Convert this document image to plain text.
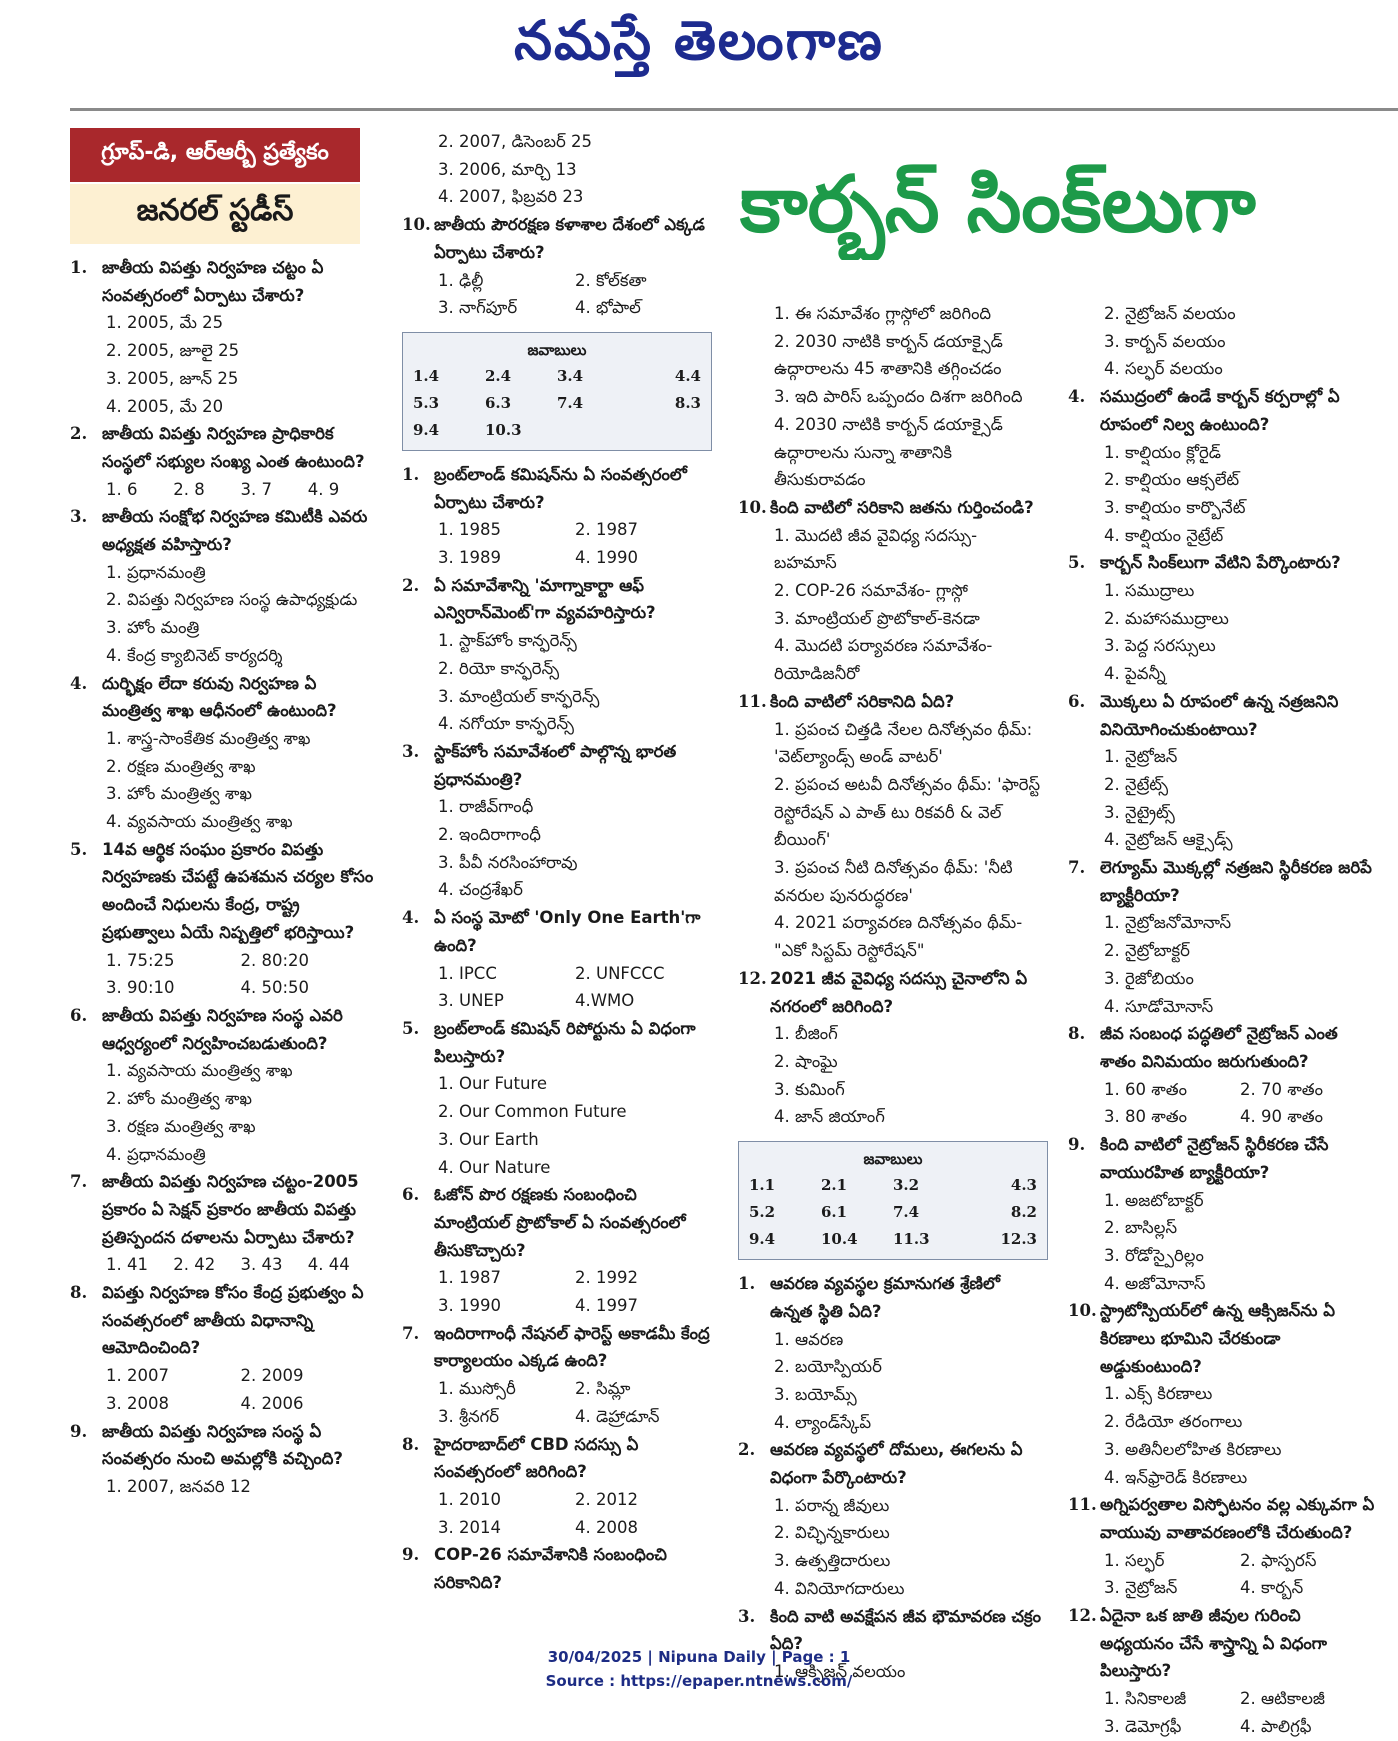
నమస్తే తెలంగాణ
గ్రూప్-డి, ఆర్ఆర్బీ ప్రత్యేకం
జనరల్ స్టడీస్	కార్బన్ సింక్‌లుగా
1. జాతీయ విపత్తు నిర్వహణ చట్టం ఏ సంవత్సరంలో ఏర్పాటు చేశారు?
1. 2005, మే 25
2. 2005, జూలై 25
3. 2005, జూన్ 25
4. 2005, మే 20
2. జాతీయ విపత్తు నిర్వహణ ప్రాధికారిక సంస్థలో సభ్యుల సంఖ్య ఎంత ఉంటుంది?
1. 6	2. 8	3. 7	4. 9
3. జాతీయ సంక్షోభ నిర్వహణ కమిటీకి ఎవరు అధ్యక్షత వహిస్తారు?
1. ప్రధానమంత్రి
2. విపత్తు నిర్వహణ సంస్థ ఉపాధ్యక్షుడు
3. హోం మంత్రి
4. కేంద్ర క్యాబినెట్ కార్యదర్శి
4. దుర్భిక్షం లేదా కరువు నిర్వహణ ఏ మంత్రిత్వ శాఖ ఆధీనంలో ఉంటుంది?
1. శాస్త్ర-సాంకేతిక మంత్రిత్వ శాఖ
2. రక్షణ మంత్రిత్వ శాఖ
3. హోం మంత్రిత్వ శాఖ
4. వ్యవసాయ మంత్రిత్వ శాఖ
5. 14వ ఆర్థిక సంఘం ప్రకారం విపత్తు నిర్వహణకు చేపట్టే ఉపశమన చర్యల కోసం అందించే నిధులను కేంద్ర, రాష్ట్ర ప్రభుత్వాలు ఏయే నిష్పత్తిలో భరిస్తాయి?
1. 75:25	2. 80:20
3. 90:10	4. 50:50
6. జాతీయ విపత్తు నిర్వహణ సంస్థ ఎవరి ఆధ్వర్యంలో నిర్వహించబడుతుంది?
1. వ్యవసాయ మంత్రిత్వ శాఖ
2. హోం మంత్రిత్వ శాఖ
3. రక్షణ మంత్రిత్వ శాఖ
4. ప్రధానమంత్రి
7. జాతీయ విపత్తు నిర్వహణ చట్టం-2005 ప్రకారం ఏ సెక్షన్ ప్రకారం జాతీయ విపత్తు ప్రతిస్పందన దళాలను ఏర్పాటు చేశారు?
1. 41	2. 42	3. 43	4. 44
8. విపత్తు నిర్వహణ కోసం కేంద్ర ప్రభుత్వం ఏ సంవత్సరంలో జాతీయ విధానాన్ని ఆమోదించింది?
1. 2007	2. 2009
3. 2008	4. 2006
9. జాతీయ విపత్తు నిర్వహణ సంస్థ ఏ సంవత్సరం నుంచి అమల్లోకి వచ్చింది?
1. 2007, జనవరి 12
2. 2007, డిసెంబర్ 25
3. 2006, మార్చి 13
4. 2007, ఫిబ్రవరి 23
10. జాతీయ పౌరరక్షణ కళాశాల దేశంలో ఎక్కడ ఏర్పాటు చేశారు?
1. ఢిల్లీ	2. కోల్‌కతా
3. నాగ్‌పూర్	4. భోపాల్
జవాబులు
1.4	2.4	3.4	4.4
5.3	6.3	7.4	8.3
9.4	10.3
1. బ్రంట్‌లాండ్ కమిషన్‌ను ఏ సంవత్సరంలో ఏర్పాటు చేశారు?
1. 1985	2. 1987
3. 1989	4. 1990
2. ఏ సమావేశాన్ని 'మాగ్నాకార్టా ఆఫ్ ఎన్విరాన్‌మెంట్'గా వ్యవహరిస్తారు?
1. స్టాక్‌హోం కాన్ఫరెన్స్
2. రియో కాన్ఫరెన్స్
3. మాంట్రియల్ కాన్ఫరెన్స్
4. నగోయా కాన్ఫరెన్స్
3. స్టాక్‌హోం సమావేశంలో పాల్గొన్న భారత ప్రధానమంత్రి?
1. రాజీవ్‌గాంధీ
2. ఇందిరాగాంధీ
3. పీవీ నరసింహారావు
4. చంద్రశేఖర్
4. ఏ సంస్థ మోటో 'Only One Earth'గా ఉంది?
1. IPCC	2. UNFCCC
3. UNEP	4.WMO
5. బ్రంట్‌లాండ్ కమిషన్ రిపోర్టును ఏ విధంగా పిలుస్తారు?
1. Our Future
2. Our Common Future
3. Our Earth
4. Our Nature
6. ఓజోన్ పొర రక్షణకు సంబంధించి మాంట్రియల్ ప్రొటోకాల్ ఏ సంవత్సరంలో తీసుకొచ్చారు?
1. 1987	2. 1992
3. 1990	4. 1997
7. ఇందిరాగాంధీ నేషనల్ ఫారెస్ట్ అకాడమీ కేంద్ర కార్యాలయం ఎక్కడ ఉంది?
1. ముస్సోరీ	2. సిమ్లా
3. శ్రీనగర్	4. డెహ్రాడూన్
8. హైదరాబాద్‌లో CBD సదస్సు ఏ సంవత్సరంలో జరిగింది?
1. 2010	2. 2012
3. 2014	4. 2008
9. COP-26 సమావేశానికి సంబంధించి సరికానిది?
1. ఈ సమావేశం గ్లాస్గోలో జరిగింది
2. 2030 నాటికి కార్బన్ డయాక్సైడ్ ఉద్గారాలను 45 శాతానికి తగ్గించడం
3. ఇది పారిస్ ఒప్పందం దిశగా జరిగింది
4. 2030 నాటికి కార్బన్ డయాక్సైడ్ ఉద్గారాలను సున్నా శాతానికి తీసుకురావడం
10. కింది వాటిలో సరికాని జతను గుర్తించండి?
1. మొదటి జీవ వైవిధ్య సదస్సు- బహమాస్
2. COP-26 సమావేశం- గ్లాస్గో
3. మాంట్రియల్ ప్రొటోకాల్-కెనడా
4. మొదటి పర్యావరణ సమావేశం- రియోడిజనీరో
11. కింది వాటిలో సరికానిది ఏది?
1. ప్రపంచ చిత్తడి నేలల దినోత్సవం థీమ్: 'వెట్‌ల్యాండ్స్ అండ్ వాటర్'
2. ప్రపంచ అటవీ దినోత్సవం థీమ్: 'ఫారెస్ట్ రెస్టోరేషన్ ఎ పాత్ టు రికవరీ & వెల్ బీయింగ్'
3. ప్రపంచ నీటి దినోత్సవం థీమ్: 'నీటి వనరుల పునరుద్ధరణ'
4. 2021 పర్యావరణ దినోత్సవం థీమ్- "ఎకో సిస్టమ్ రెస్టోరేషన్"
12. 2021 జీవ వైవిధ్య సదస్సు చైనాలోని ఏ నగరంలో జరిగింది?
1. బీజింగ్
2. షాంఘై
3. కుమింగ్
4. జాన్ జియాంగ్
జవాబులు
1.1	2.1	3.2	4.3
5.2	6.1	7.4	8.2
9.4	10.4	11.3	12.3
1. ఆవరణ వ్యవస్థల క్రమానుగత శ్రేణిలో ఉన్నత స్థితి ఏది?
1. ఆవరణ
2. బయోస్పియర్
3. బయోమ్స్
4. ల్యాండ్‌స్కేప్
2. ఆవరణ వ్యవస్థలో దోమలు, ఈగలను ఏ విధంగా పేర్కొంటారు?
1. పరాన్న జీవులు
2. విచ్ఛిన్నకారులు
3. ఉత్పత్తిదారులు
4. వినియోగదారులు
3. కింది వాటి అవక్షేపన జీవ భౌమావరణ చక్రం ఏది?
1. ఆక్సిజన్ వలయం
2. నైట్రోజన్ వలయం
3. కార్బన్ వలయం
4. సల్ఫర్ వలయం
4. సముద్రంలో ఉండే కార్బన్ కర్పరాల్లో ఏ రూపంలో నిల్వ ఉంటుంది?
1. కాల్షియం క్లోరైడ్
2. కాల్షియం ఆక్సలేట్
3. కాల్షియం కార్బొనేట్
4. కాల్షియం నైట్రేట్
5. కార్బన్ సింక్‌లుగా వేటిని పేర్కొంటారు?
1. సముద్రాలు
2. మహాసముద్రాలు
3. పెద్ద సరస్సులు
4. పైవన్నీ
6. మొక్కలు ఏ రూపంలో ఉన్న నత్రజనిని వినియోగించుకుంటాయి?
1. నైట్రోజన్
2. నైట్రేట్స్
3. నైట్రైట్స్
4. నైట్రోజన్ ఆక్సైడ్స్
7. లెగ్యూమ్ మొక్కల్లో నత్రజని స్థిరీకరణ జరిపే బ్యాక్టీరియా?
1. నైట్రోజనోమోనాస్
2. నైట్రోబాక్టర్
3. రైజోబియం
4. సూడోమోనాస్
8. జీవ సంబంధ పద్ధతిలో నైట్రోజన్ ఎంత శాతం వినిమయం జరుగుతుంది?
1. 60 శాతం	2. 70 శాతం
3. 80 శాతం	4. 90 శాతం
9. కింది వాటిలో నైట్రోజన్ స్థిరీకరణ చేసే వాయురహిత బ్యాక్టీరియా?
1. అజటోబాక్టర్
2. బాసిల్లస్
3. రోడోస్పైరిల్లం
4. అజోమోనాస్
10. స్ట్రాటోస్పియర్‌లో ఉన్న ఆక్సిజన్‌ను ఏ కిరణాలు భూమిని చేరకుండా అడ్డుకుంటుంది?
1. ఎక్స్ కిరణాలు
2. రేడియో తరంగాలు
3. అతినీలలోహిత కిరణాలు
4. ఇన్‌ఫ్రారెడ్ కిరణాలు
11. అగ్నిపర్వతాల విస్ఫోటనం వల్ల ఎక్కువగా ఏ వాయువు వాతావరణంలోకి చేరుతుంది?
1. సల్ఫర్	2. ఫాస్పరస్
3. నైట్రోజన్	4. కార్బన్
12. ఏదైనా ఒక జాతి జీవుల గురించి అధ్యయనం చేసే శాస్త్రాన్ని ఏ విధంగా పిలుస్తారు?
1. సినికాలజీ	2. ఆటికాలజీ
3. డెమోగ్రఫీ	4. పాలిగ్రఫీ
30/04/2025 | Nipuna Daily | Page : 1
Source : https://epaper.ntnews.com/
